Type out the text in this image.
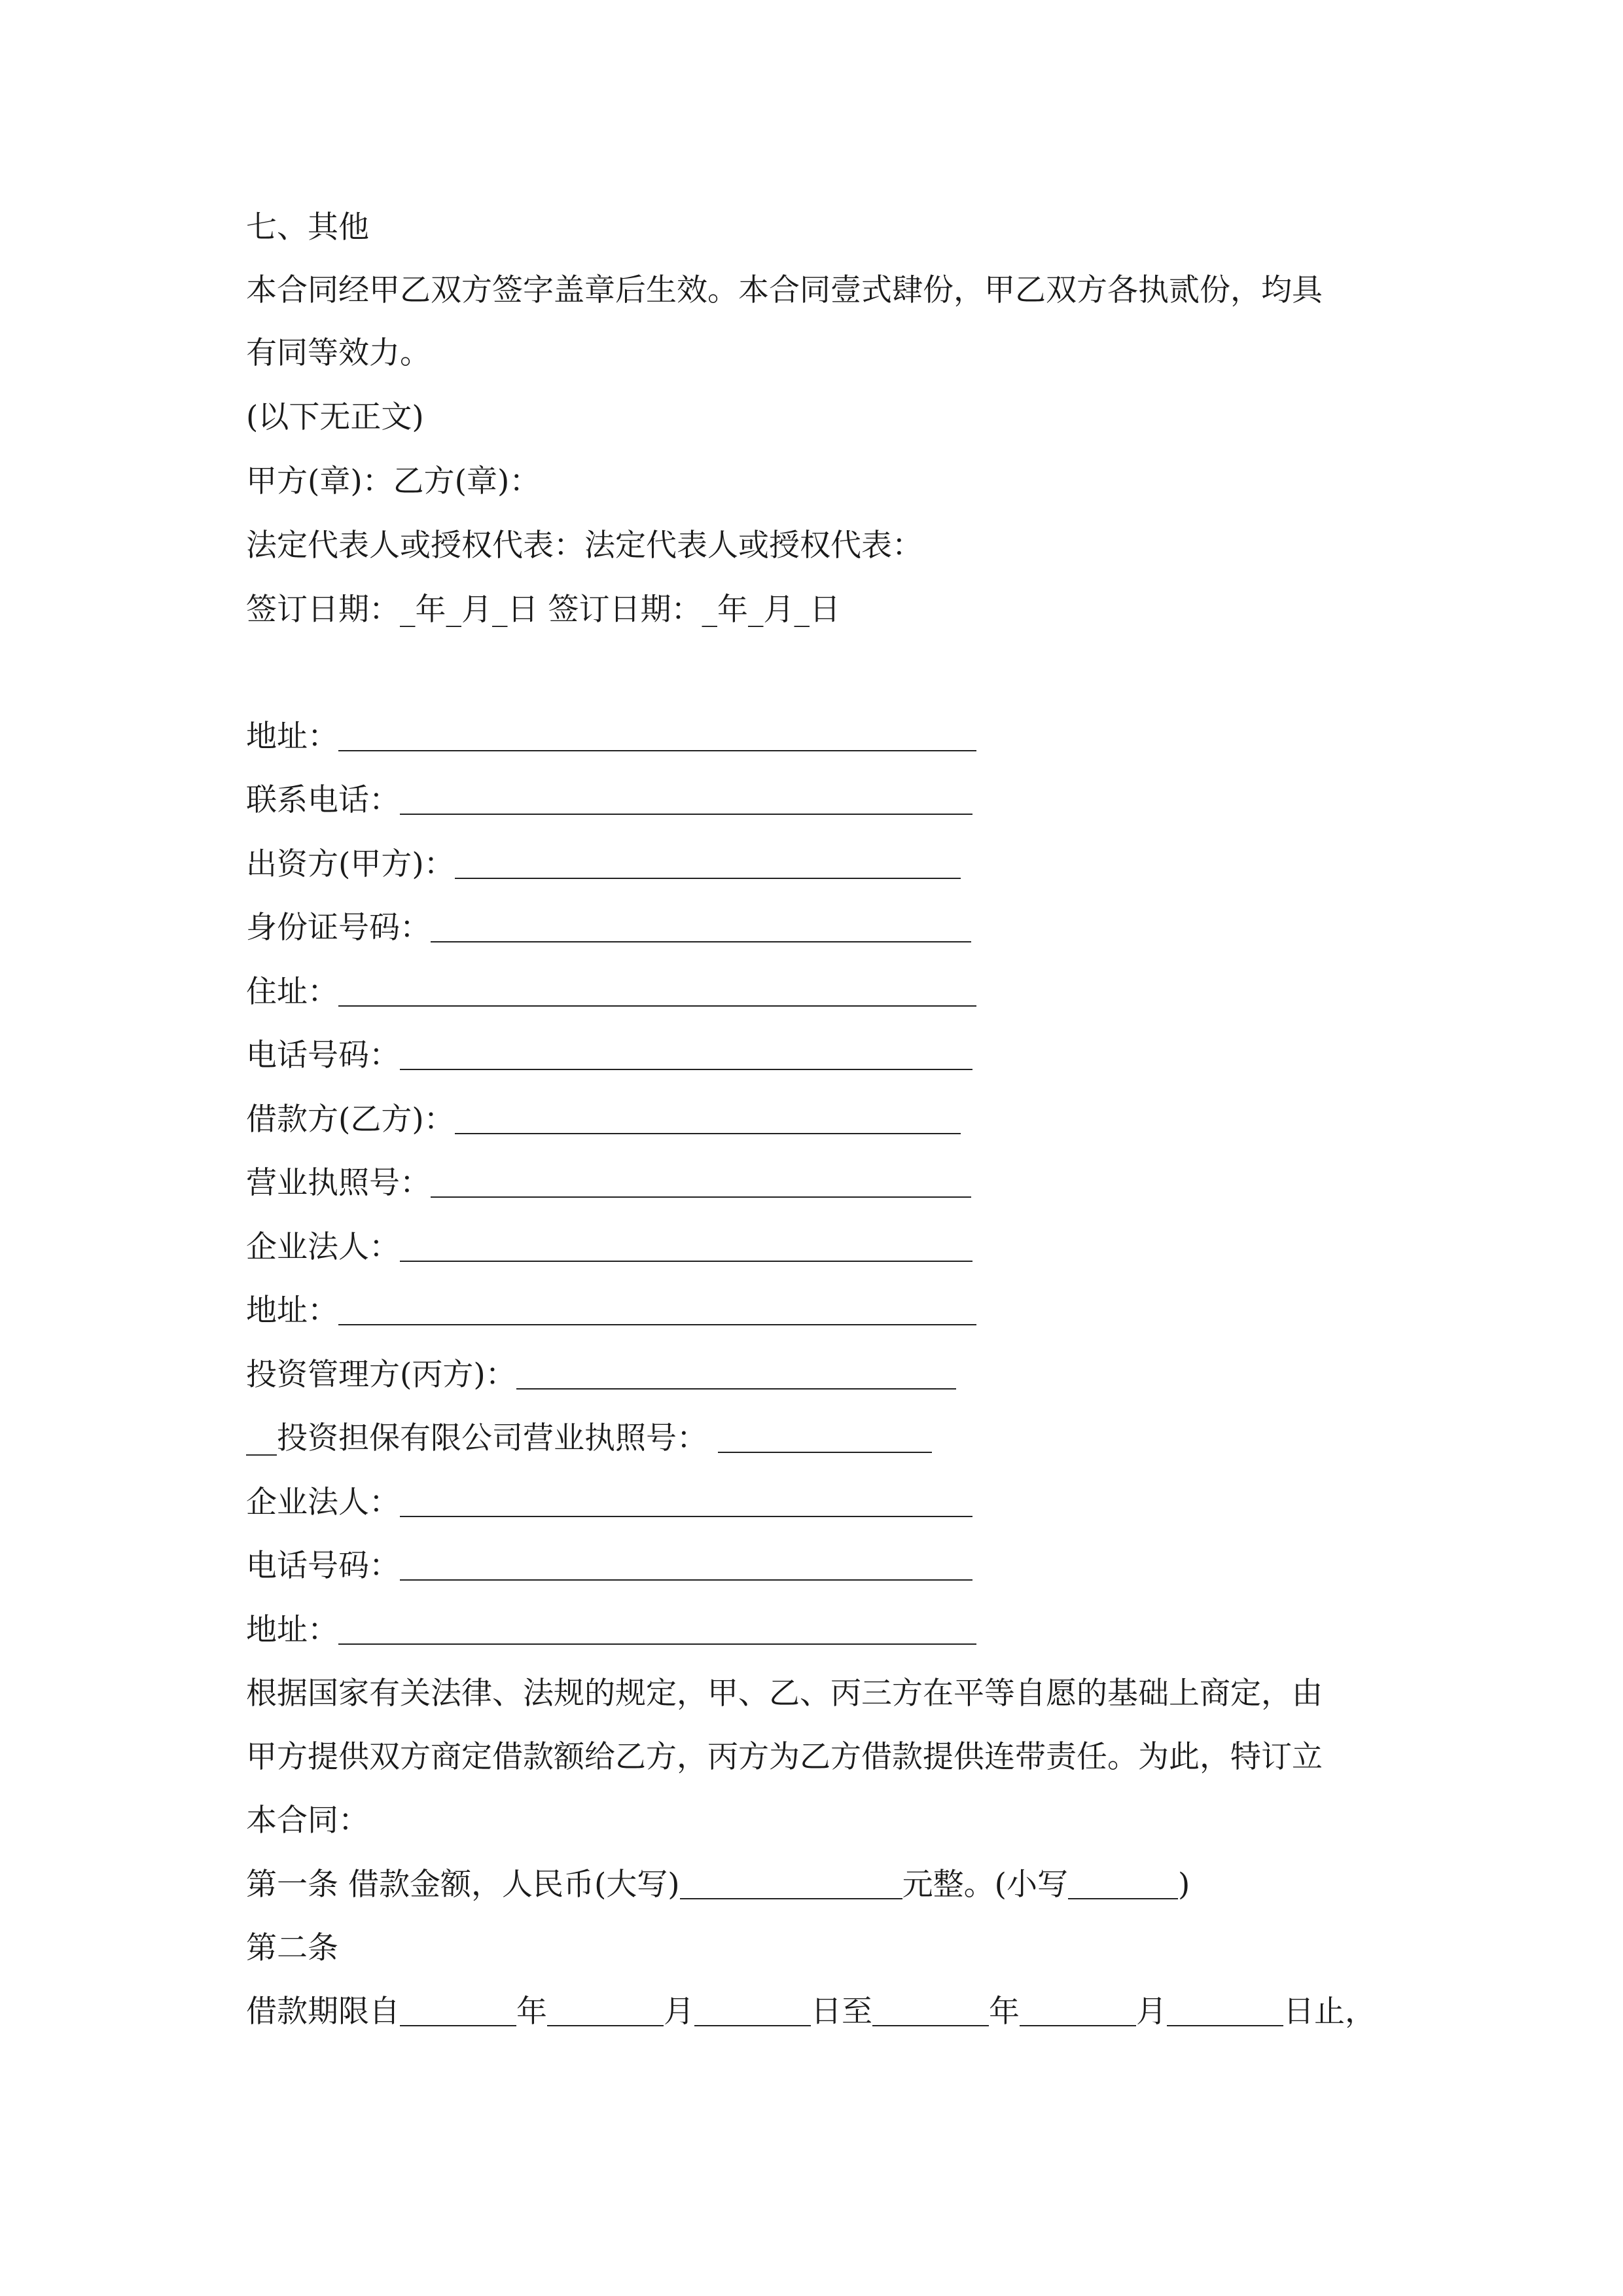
七、其他
本合同经甲乙双方签字盖章后生效。本合同壹式肆份，甲乙双方各执贰份，均具
有同等效力。
(以下无正文)
甲方(章)：乙方(章)：
法定代表人或授权代表：法定代表人或授权代表：
签订日期：_年_月_日 签订日期：_年_月_日
地址：
联系电话：
出资方(甲方)：
身份证号码：
住址：
电话号码：
借款方(乙方)：
营业执照号：
企业法人：
地址：
投资管理方(丙方)：
__投资担保有限公司营业执照号：
企业法人：
电话号码：
地址：
根据国家有关法律、法规的规定，甲、乙、丙三方在平等自愿的基础上商定，由
甲方提供双方商定借款额给乙方，丙方为乙方借款提供连带责任。为此，特订立
本合同：
第一条 借款金额，人民币(大写)	元整。(小写	)
第二条
借款期限自	年	月	日至	年	月	日止，
